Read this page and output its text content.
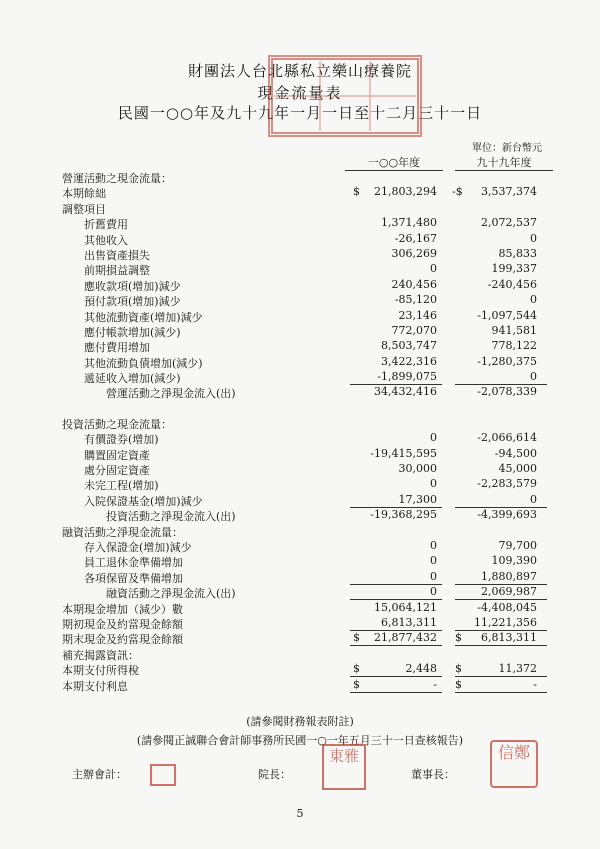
財團法人台北縣私立樂山療養院
現金流量表
民國一○○年及九十九年一月一日至十二月三十一日
單位：新台幣元
一○○年度	九十九年度
營運活動之現金流量：
本期餘絀	$	21,803,294 -$	3,537,374
調整項目
折舊費用	1,371,480	2,072,537
其他收入	-26,167	0
出售資產損失	306,269	85,833
前期損益調整	0	199,337
應收款項(增加)減少	240,456	-240,456
預付款項(增加)減少	-85,120	0
其他流動資產(增加)減少	23,146	-1,097,544
應付帳款增加(減少)	772,070	941,581
應付費用增加	8,503,747	778,122
其他流動負債增加(減少)	3,422,316	-1,280,375
遞延收入增加(減少)	-1,899,075	0
營運活動之淨現金流入(出)	34,432,416	-2,078,339
投資活動之現金流量：
有價證券(增加)	0	-2,066,614
購置固定資產	-19,415,595	-94,500
處分固定資產	30,000	45,000
未完工程(增加)	0	-2,283,579
入院保證基金(增加)減少	17,300	0
投資活動之淨現金流入(出)	-19,368,295	-4,399,693
融資活動之淨現金流量：
存入保證金(增加)減少	0	79,700
員工退休金準備增加	0	109,390
各項保留及準備增加	0	1,880,897
融資活動之淨現金流入(出)	0	2,069,987
本期現金增加（減少）數	15,064,121	-4,408,045
期初現金及約當現金餘額	6,813,311	11,221,356
期末現金及約當現金餘額	$	21,877,432 $	6,813,311
補充揭露資訊：
本期支付所得稅	$	2,448 $	11,372
本期支付利息	$	- $	-
(請參閱財務報表附註)
(請參閱正誠聯合會計師事務所民國一○一年五月三十一日查核報告)
主辦會計：	院長：
東雅
董事長：
信鄭
5
